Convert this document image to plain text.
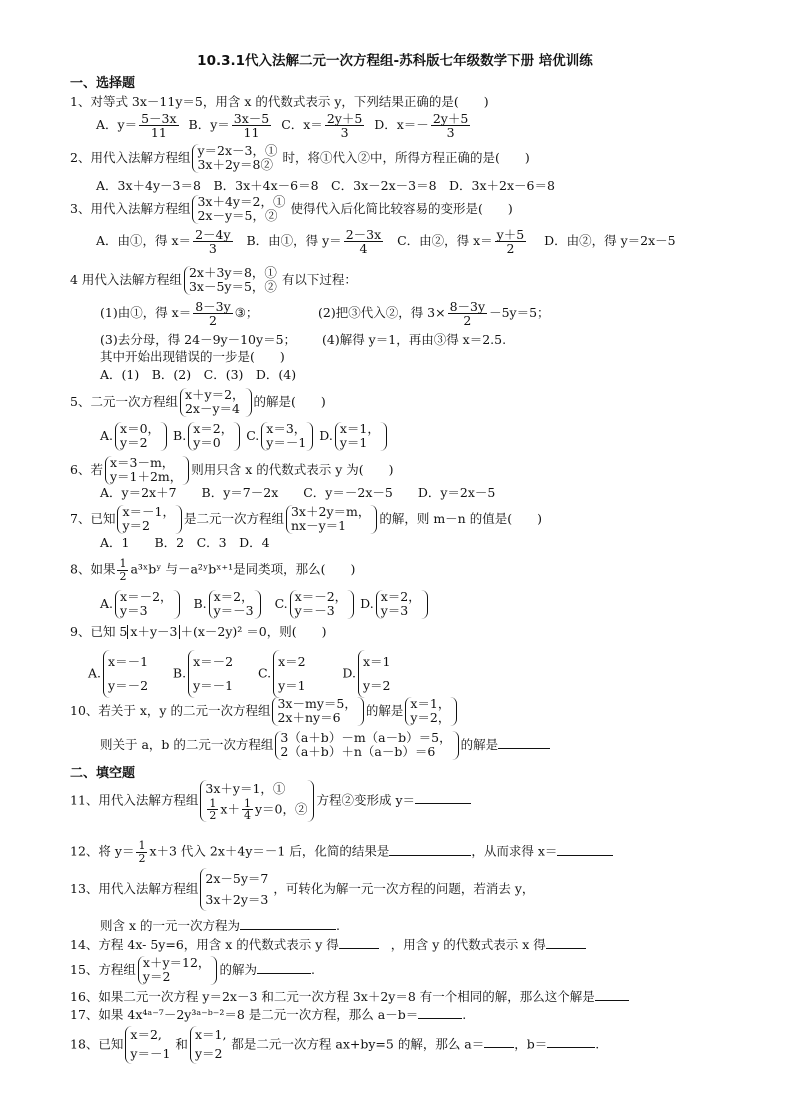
10.3.1代入法解二元一次方程组-苏科版七年级数学下册 培优训练
一、选择题
1、对等式 3x－11y＝5，用含 x 的代数式表示 y，下列结果正确的是(　　)
A．$y= \frac{5-3x}{11}$ B．$y= \frac{3x-5}{11}$ C．$x= \frac{2y+5}{3}$ D．$x=- \frac{2y+5}{3}$
2、用代入法解方程组 y＝2x－3，①
3x＋2y＝8② 时，将①代入②中，所得方程正确的是(　　)
A．3x＋4y－3＝8　B．3x＋4x－6＝8　C．3x－2x－3＝8　D．3x＋2x－6＝8
3、用代入法解方程组 3x＋4y＝2，①
2x－y＝5，②	使得代入后化简比较容易的变形是(　　)
A．由①，得 $x= \frac{2-4y}{3}$ B．由①，得 $y= \frac{2-3x}{4}$ C．由②，得 $x= \frac{y+5}{2}$ D．由②，得 y＝2x－5
4 用代入法解方程组 2x＋3y＝8，①
3x－5y＝5，② 有以下过程：
(1)由①，得 $x= \frac{8-3y}{2}$ ③；	(2)把③代入②，得 $3\times \frac{8-3y}{2} -5y=5$；
(3)去分母，得 24－9y－10y＝5； (4)解得 y＝1，再由③得 x＝2.5.
其中开始出现错误的一步是(　　)
A．(1)　B．(2)　C．(3)　D．(4)
5、二元一次方程组 x＋y＝2，
2x－y＝4	的解是(　　)
A. x＝0，
y＝2	B. x＝2，
y＝0	C. x＝3，
y＝－1 D. x＝1，
y＝1
6、若 x＝3－m，
y＝1＋2m， 则用只含 x 的代数式表示 y 为(　　)
A．y＝2x＋7　　B．y＝7－2x　　C．y＝－2x－5　　D．y＝2x－5
7、已知 x＝－1，
y＝2	是二元一次方程组 3x＋2y＝m，
nx－y＝1	的解，则 m－n 的值是(　　)
A．1　　B．2　C．3　D．4
8、如果 $\frac{1}{2}$ a³ˣbʸ 与－a²ʸbˣ⁺¹是同类项，那么(　　)
A. x＝－2，
y＝3	B. x＝2，
y＝－3 C. x＝－2，
y＝－3	D. x＝2，
y＝3
9、已知 5 x＋y－3 ＋(x－2y)² ＝0，则(　　)
A.
x＝－1
y＝－2
B.
x＝－2
y＝－1
C.
x＝2
y＝1
D.
x＝1
y＝2
10、若关于 x，y 的二元一次方程组 3x－my＝5，
2x＋ny＝6	的解是 x＝1，
y＝2，
则关于 a，b 的二元一次方程组 3（a＋b）－m（a－b）＝5，
2（a＋b）＋n（a－b）＝6	的解是
二、填空题
11、用代入法解方程组
3x＋y＝1，①
$\frac{1}{2} x+ \frac{1}{4} y=0$，②
方程②变形成 y＝
12、将 $y= \frac{1}{2} x+3$ 代入 2x＋4y＝－1 后，化简的结果是	，从而求得 x＝
13、用代入法解方程组
2x－5y＝7
3x＋2y＝3
，可转化为解一元一次方程的问题，若消去 y，
则含 x 的一元一次方程为	.
14、方程 4x- 5y=6，用含 x 的代数式表示 y 得	，用含 y 的代数式表示 x 得
15、方程组 x＋y＝12，
y＝2	的解为	.
16、如果二元一次方程 y＝2x－3 和二元一次方程 3x＋2y＝8 有一个相同的解，那么这个解是
17、如果 4x⁴ᵃ⁻⁷－2y³ᵃ⁻ᵇ⁻²＝8 是二元一次方程，那么 a－b＝	.
18、已知
x＝2,
y＝－1
和
x＝1,
y＝2
都是二元一次方程 ax+by=5 的解，那么 a＝ ，b＝	.
